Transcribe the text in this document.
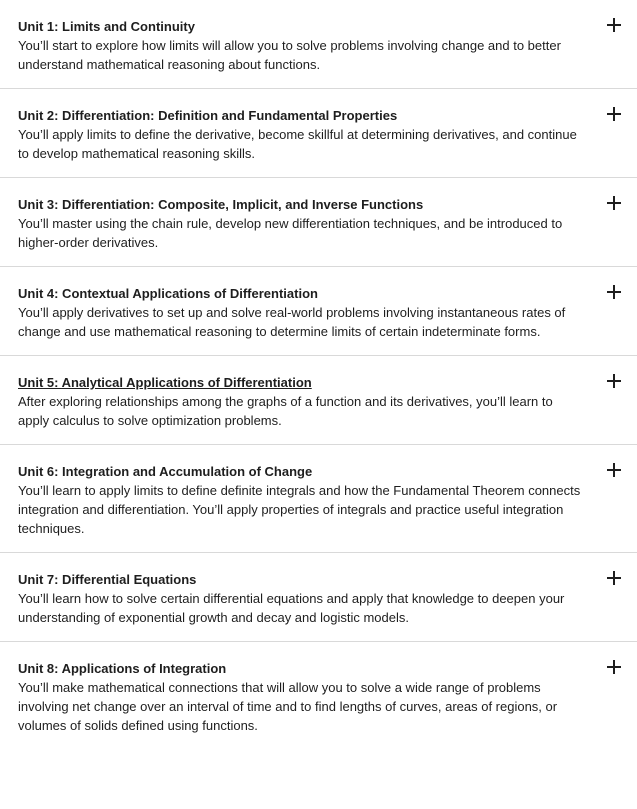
Unit 1: Limits and Continuity

You’ll start to explore how limits will allow you to solve problems involving change and to better understand mathematical reasoning about functions.

Unit 2: Differentiation: Definition and Fundamental Properties

You’ll apply limits to define the derivative, become skillful at determining derivatives, and continue to develop mathematical reasoning skills.

Unit 3: Differentiation: Composite, Implicit, and Inverse Functions

You’ll master using the chain rule, develop new differentiation techniques, and be introduced to higher-order derivatives.

Unit 4: Contextual Applications of Differentiation

You’ll apply derivatives to set up and solve real-world problems involving instantaneous rates of change and use mathematical reasoning to determine limits of certain indeterminate forms.

Unit 5: Analytical Applications of Differentiation

After exploring relationships among the graphs of a function and its derivatives, you’ll learn to apply calculus to solve optimization problems.

Unit 6: Integration and Accumulation of Change

You’ll learn to apply limits to define definite integrals and how the Fundamental Theorem connects integration and differentiation. You’ll apply properties of integrals and practice useful integration techniques.

Unit 7: Differential Equations

You’ll learn how to solve certain differential equations and apply that knowledge to deepen your understanding of exponential growth and decay and logistic models.

Unit 8: Applications of Integration

You’ll make mathematical connections that will allow you to solve a wide range of problems involving net change over an interval of time and to find lengths of curves, areas of regions, or volumes of solids defined using functions.
